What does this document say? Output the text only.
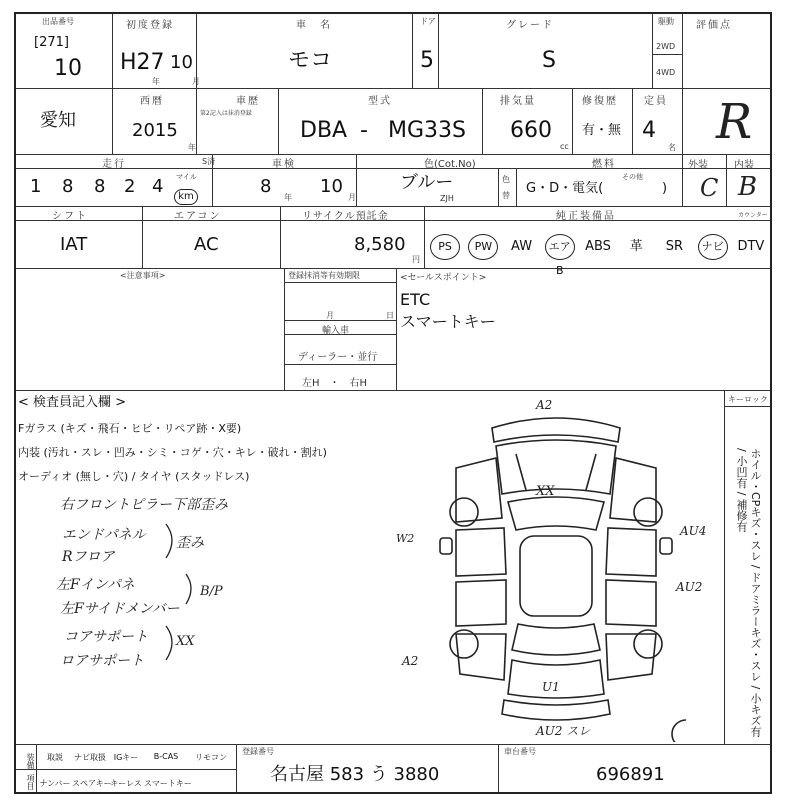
出品番号
[271]
10
初度登録
H27 10
年	月
車　名
モコ
ドア
5
グレード
S
駆動
2WD
4WD
評価点
R
愛知
西暦
2015
年
車歴
第2記入は抹消登録
型式
DBA - MG33S
排気量
660
cc
修復歴
有・無
定員
4
名
走行	S済
1 8 8 2 4 マイル
km
車検
8
年
10
月
色(Cot.No)
ブルー
ZJH
色
替
燃料
G・D・電気(
その他
)
外装
C
内装
B
シフト
IAT
エアコン
AC
リサイクル預託金
8,580
円
純正装備品	カウンター
PS	PW	AW	エアB
ABS	革	SR	ナビ	DTV
<注意事項>	登録抹消等有効期限
月	日
輸入車
ディーラー・並行
左H　・　右H
<セールスポイント>
ETC
スマートキー
< 検査員記入欄 >
Fガラス (キズ・飛石・ヒビ・リペア跡・X要)
内装 (汚れ・スレ・凹み・シミ・コゲ・穴・キレ・破れ・割れ)
オーディオ (無し・穴) / タイヤ (スタッドレス)
右フロントピラー下部歪み
エンドパネル
Rフロア
歪み
左Fインパネ
左Fサイドメンバー
B/P
コアサポート
ロアサポート
XX
キーロック
ホイル・CPキズ・スレ / ドアミラーキズ・スレ / 小キズ有 / 小凹有 / 補修有
A2
XX
W2
AU4
AU2
A2
U1
AU2 スレ
装備
項目
取説	ナビ取扱 IGキー	B-CAS	リモコン
ナンバー スペアキー
キーレス スマートキー
登録番号
名古屋 583 う 3880
車台番号
696891
